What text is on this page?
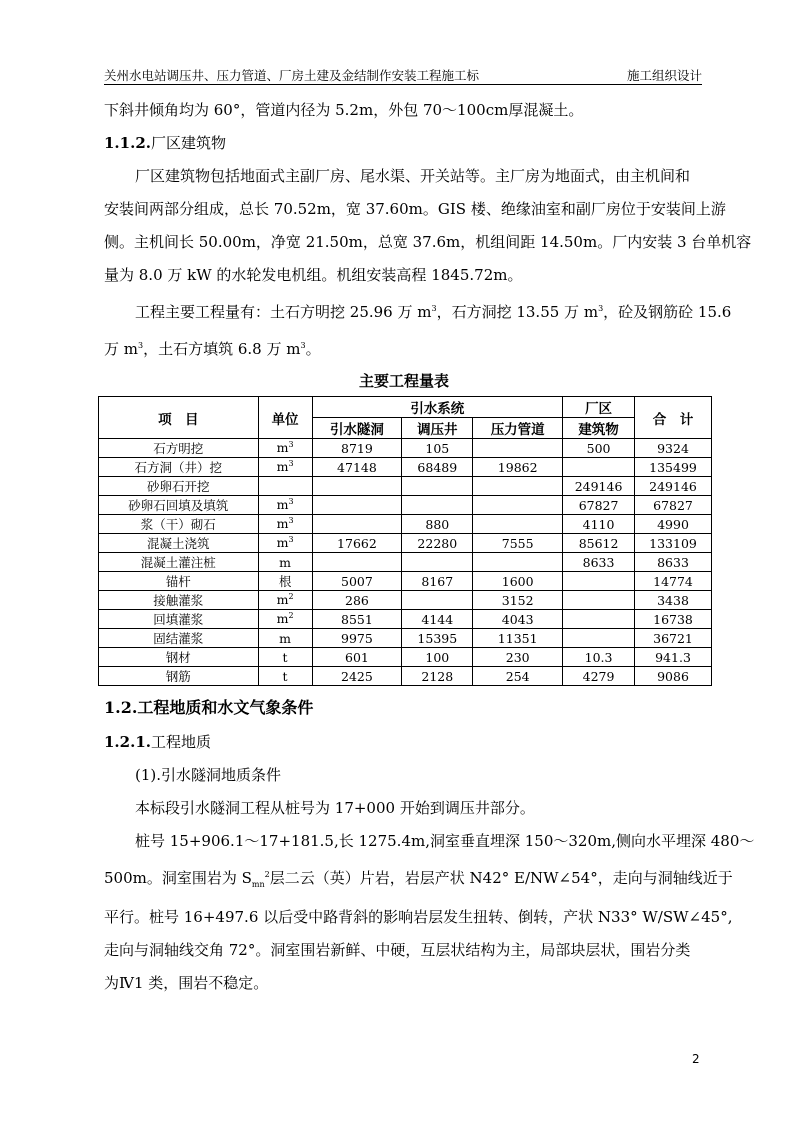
关州水电站调压井、压力管道、厂房土建及金结制作安装工程施工标	施工组织设计

下斜井倾角均为 60°，管道内径为 5.2m，外包 70～100cm厚混凝土。

1.1.2.厂区建筑物

厂区建筑物包括地面式主副厂房、尾水渠、开关站等。主厂房为地面式，由主机间和

安装间两部分组成，总长 70.52m，宽 37.60m。GIS 楼、绝缘油室和副厂房位于安装间上游

侧。主机间长 50.00m，净宽 21.50m，总宽 37.6m，机组间距 14.50m。厂内安装 3 台单机容

量为 8.0 万 kW 的水轮发电机组。机组安装高程 1845.72m。

工程主要工程量有：土石方明挖 25.96 万 $m^3$，石方洞挖 13.55 万 $m^3$，砼及钢筋砼 15.6

万 $m^3$，土石方填筑 6.8 万 $m^3$。

主要工程量表

项　目	单位	引水系统			厂区	合　计
		引水隧洞	调压井	压力管道	建筑物	
石方明挖	$m^3$	8719	105		500	9324
石方洞（井）挖	$m^3$	47148	68489	19862		135499
砂卵石开挖					249146	249146
砂卵石回填及填筑	$m^3$				67827	67827
浆（干）砌石	$m^3$		880		4110	4990
混凝土浇筑	$m^3$	17662	22280	7555	85612	133109
混凝土灌注桩	m				8633	8633
锚杆	根	5007	8167	1600		14774
接触灌浆	$m^2$	286		3152		3438
回填灌浆	$m^2$	8551	4144	4043		16738
固结灌浆	m	9975	15395	11351		36721
钢材	t	601	100	230	10.3	941.3
钢筋	t	2425	2128	254	4279	9086
1.2.工程地质和水文气象条件
1.2.1.工程地质

(1).引水隧洞地质条件

本标段引水隧洞工程从桩号为 17+000 开始到调压井部分。

桩号 15+906.1～17+181.5,长 1275.4m,洞室垂直埋深 150～320m,侧向水平埋深 480～

500m。洞室围岩为 $S_{mn}^2$层二云（英）片岩，岩层产状 N42° E/NW∠54°，走向与洞轴线近于

平行。桩号 16+497.6 以后受中路背斜的影响岩层发生扭转、倒转，产状 N33° W/SW∠45°,

走向与洞轴线交角 72°。洞室围岩新鲜、中硬，互层状结构为主，局部块层状，围岩分类

为Ⅳ1 类，围岩不稳定。

2
